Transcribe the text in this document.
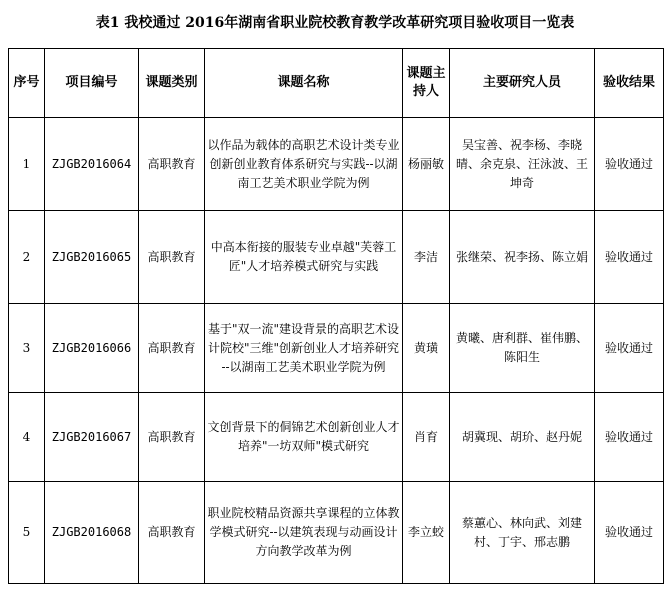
表1 我校通过 2016年湖南省职业院校教育教学改革研究项目验收项目一览表
序号	项目编号	课题类别	课题名称	课题主持人	主要研究人员	验收结果
1	ZJGB2016064	高职教育	以作品为载体的高职艺术设计类专业创新创业教育体系研究与实践--以湖南工艺美术职业学院为例	杨丽敏	吴宝善、祝李杨、李晓晴、余克泉、汪泳波、王坤奇	验收通过
2	ZJGB2016065	高职教育	中高本衔接的服装专业卓越"芙蓉工匠"人才培养模式研究与实践	李洁	张继荣、祝李扬、陈立娟	验收通过
3	ZJGB2016066	高职教育	基于"双一流"建设背景的高职艺术设计院校"三维"创新创业人才培养研究 --以湖南工艺美术职业学院为例	黄璜	黄曦、唐利群、崔伟鹏、陈阳生	验收通过
4	ZJGB2016067	高职教育	文创背景下的侗锦艺术创新创业人才培养"一坊双师"模式研究	肖育	胡冀现、胡玠、赵丹妮	验收通过
5	ZJGB2016068	高职教育	职业院校精品资源共享课程的立体教学模式研究--以建筑表现与动画设计方向教学改革为例	李立蛟	蔡蕙心、林向武、刘建村、丁宇、邢志鹏	验收通过
